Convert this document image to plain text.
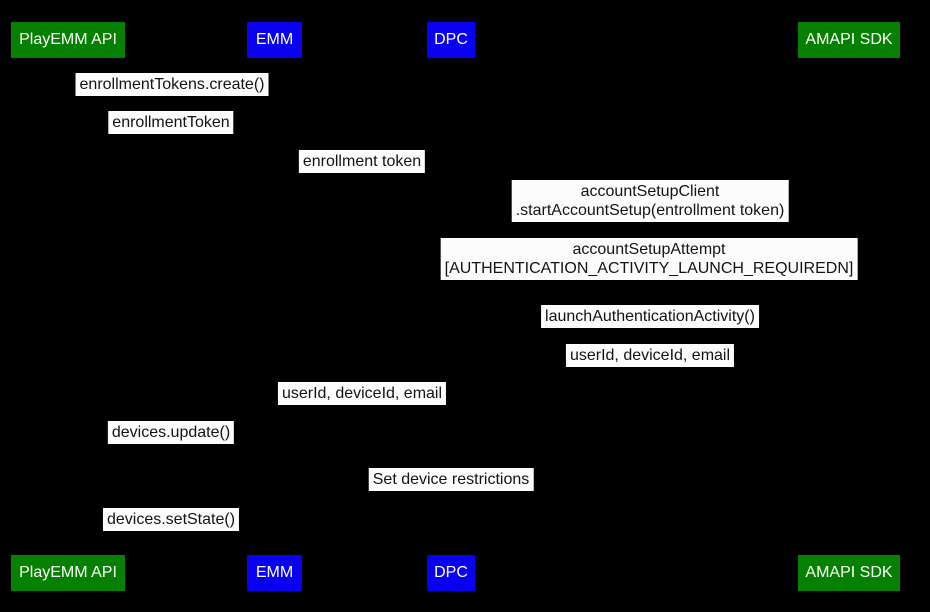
PlayEMM API	EMM	DPC	AMAPI SDK
enrollmentTokens.create()
enrollmentToken
enrollment token
accountSetupClient
.startAccountSetup(entrollment token)
accountSetupAttempt
[AUTHENTICATION_ACTIVITY_LAUNCH_REQUIREDN]
launchAuthenticationActivity()
userId, deviceId, email
userId, deviceId, email
devices.update()
Set device restrictions
devices.setState()
PlayEMM API	EMM	DPC	AMAPI SDK
